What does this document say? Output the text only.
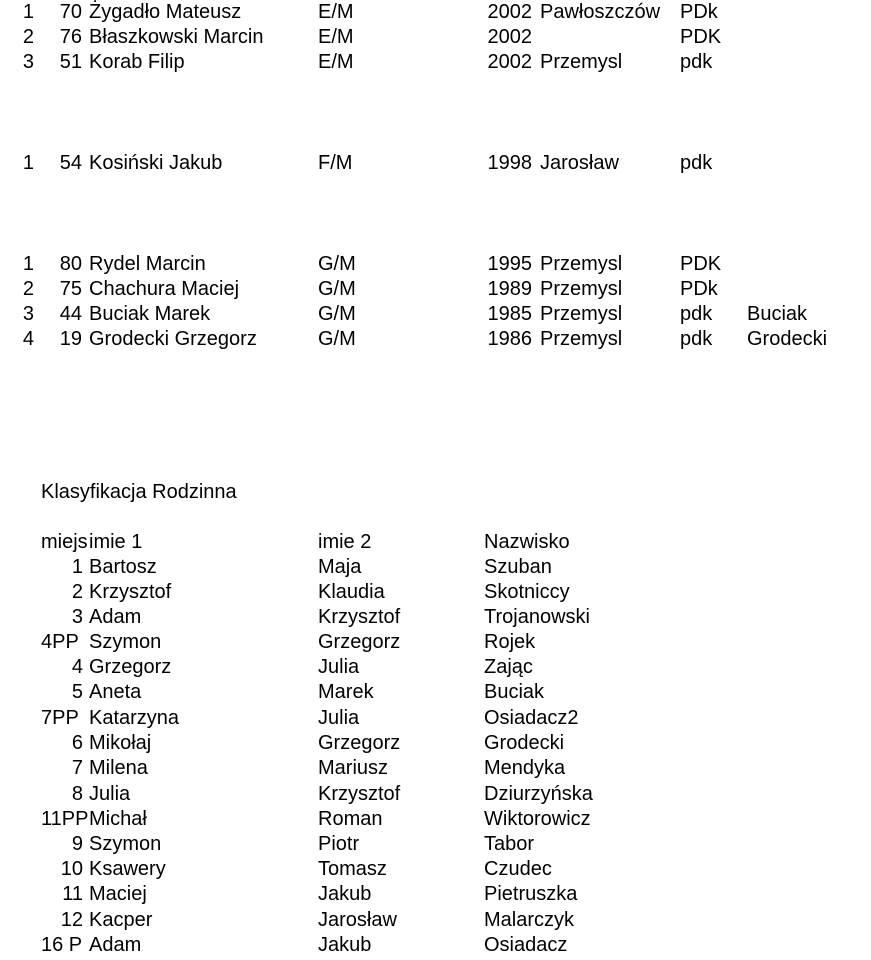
1	70 Żygadło Mateusz	E/M	2002 Pawłoszczów PDk
2	76 Błaszkowski Marcin	E/M	2002	PDK
3	51 Korab Filip	E/M	2002 Przemysl	pdk
1	54 Kosiński Jakub	F/M	1998 Jarosław	pdk
1	80 Rydel Marcin	G/M	1995 Przemysl	PDK
2	75 Chachura Maciej	G/M	1989 Przemysl	PDk
3	44 Buciak Marek	G/M	1985 Przemysl	pdk	Buciak
4	19 Grodecki Grzegorz	G/M	1986 Przemysl	pdk	Grodecki
Klasyfikacja Rodzinna
miejs imie 1	imie 2	Nazwisko
1 Bartosz	Maja	Szuban
2 Krzysztof	Klaudia	Skotniccy
3 Adam	Krzysztof	Trojanowski
4PP Szymon	Grzegorz	Rojek
4 Grzegorz	Julia	Zając
5 Aneta	Marek	Buciak
7PP Katarzyna	Julia	Osiadacz2
6 Mikołaj	Grzegorz	Grodecki
7 Milena	Mariusz	Mendyka
8 Julia	Krzysztof	Dziurzyńska
11PP Michał	Roman	Wiktorowicz
9 Szymon	Piotr	Tabor
10 Ksawery	Tomasz	Czudec
11 Maciej	Jakub	Pietruszka
12 Kacper	Jarosław	Malarczyk
16 P Adam	Jakub	Osiadacz
